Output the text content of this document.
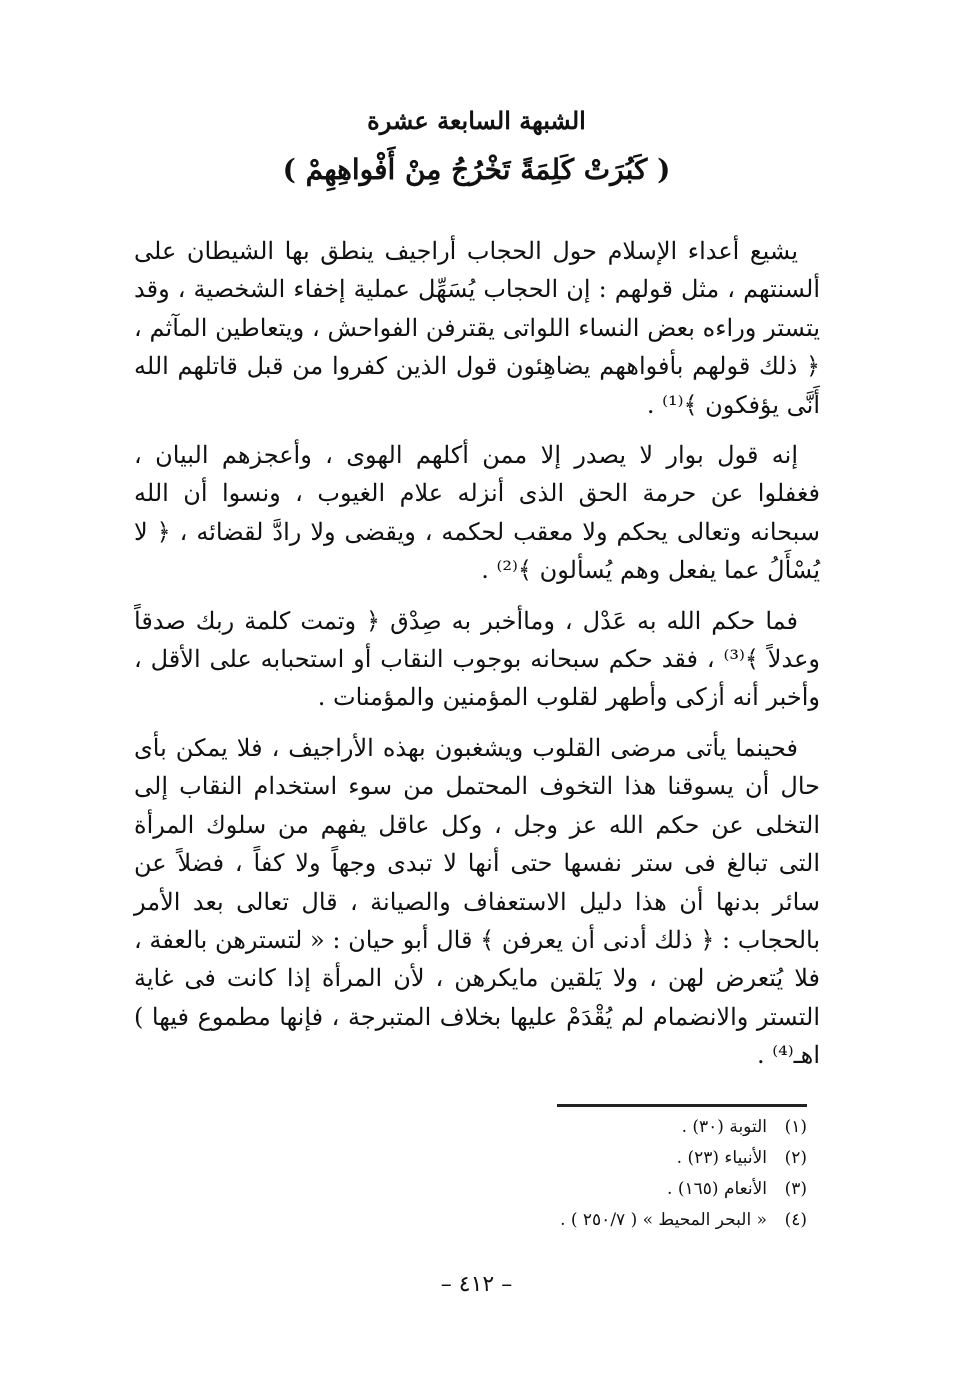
الشبهة السابعة عشرة
( كَبُرَتْ كَلِمَةً تَخْرُجُ مِنْ أَفْواهِهِمْ )

يشيع أعداء الإسلام حول الحجاب أراجيف ينطق بها الشيطان على ألسنتهم ، مثل قولهم : إن الحجاب يُسَهِّل عملية إخفاء الشخصية ، وقد يتستر وراءه بعض النساء اللواتى يقترفن الفواحش ، ويتعاطين المآثم ، ﴿ ذلك قولهم بأفواههم يضاهِئون قول الذين كفروا من قبل قاتلهم الله أَنَّى يؤفكون ﴾⁽¹⁾ .

إنه قول بوار لا يصدر إلا ممن أكلهم الهوى ، وأعجزهم البيان ، فغفلوا عن حرمة الحق الذى أنزله علام الغيوب ، ونسوا أن الله سبحانه وتعالى يحكم ولا معقب لحكمه ، ويقضى ولا رادَّ لقضائه ، ﴿ لا يُسْأَلُ عما يفعل وهم يُسألون ﴾⁽²⁾ .

فما حكم الله به عَدْل ، وماأخبر به صِدْق ﴿ وتمت كلمة ربك صدقاً وعدلاً ﴾⁽³⁾ ، فقد حكم سبحانه بوجوب النقاب أو استحبابه على الأقل ، وأخبر أنه أزكى وأطهر لقلوب المؤمنين والمؤمنات .

فحينما يأتى مرضى القلوب ويشغبون بهذه الأراجيف ، فلا يمكن بأى حال أن يسوقنا هذا التخوف المحتمل من سوء استخدام النقاب إلى التخلى عن حكم الله عز وجل ، وكل عاقل يفهم من سلوك المرأة التى تبالغ فى ستر نفسها حتى أنها لا تبدى وجهاً ولا كفاً ، فضلاً عن سائر بدنها أن هذا دليل الاستعفاف والصيانة ، قال تعالى بعد الأمر بالحجاب : ﴿ ذلك أدنى أن يعرفن ﴾ قال أبو حيان : « لتسترهن بالعفة ، فلا يُتعرض لهن ، ولا يَلقين مايكرهن ، لأن المرأة إذا كانت فى غاية التستر والانضمام لم يُقْدَمْ عليها بخلاف المتبرجة ، فإنها مطموع فيها ) اهـ⁽⁴⁾ .

(١)
التوبة (٣٠) .
(٢)
الأنبياء (٢٣) .
(٣)
الأنعام (١٦٥) .
(٤)
« البحر المحيط » ( ٢٥٠/٧ ) .
– ٤١٢ –
